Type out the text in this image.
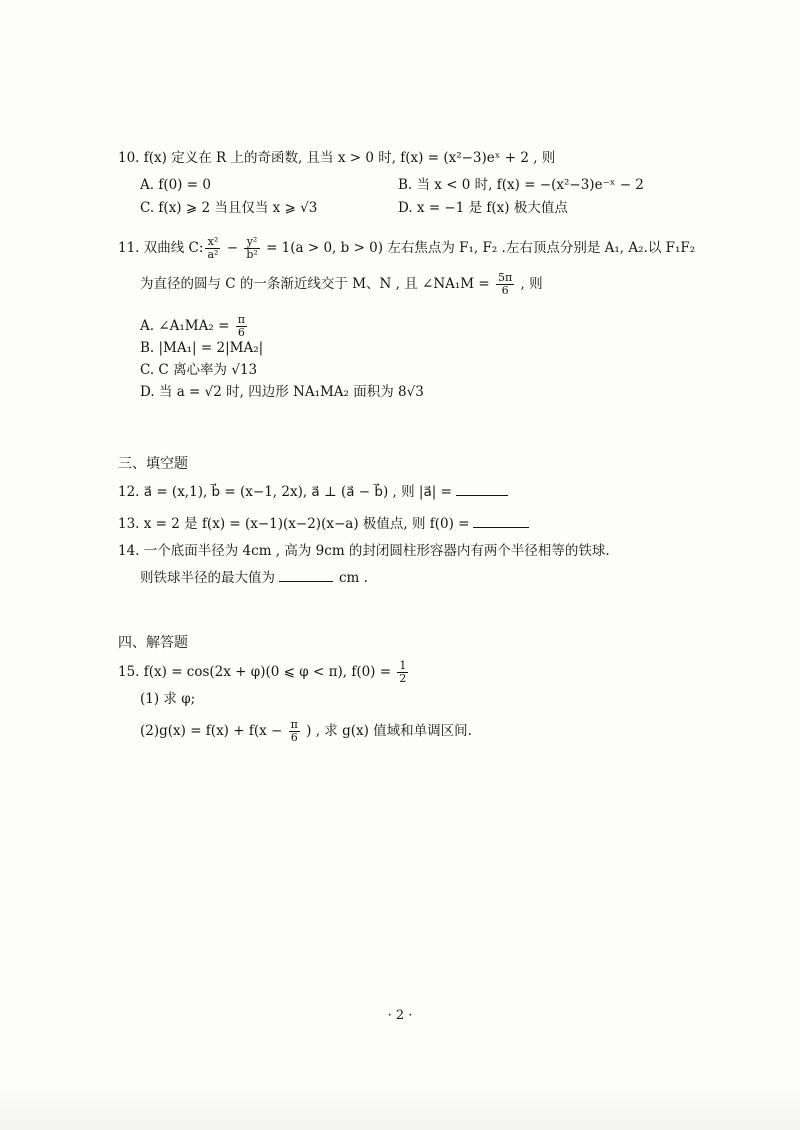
10. f(x) 定义在 R 上的奇函数, 且当 x > 0 时, f(x) = (x²−3)eˣ + 2 , 则
A. f(0) = 0	B. 当 x < 0 时, f(x) = −(x²−3)e⁻ˣ − 2
C. f(x) ⩾ 2 当且仅当 x ⩾ √3	D. x = −1 是 f(x) 极大值点
11. 双曲线 C: $\frac{\text{x²}}{\text{a²}} - \frac{\text{y²}}{\text{b²}} = 1(a > 0$, b > 0) 左右焦点为 F₁, F₂ .左右顶点分别是 A₁, A₂.以 F₁F₂
为直径的圆与 C 的一条渐近线交于 M、N , 且 ∠NA₁M = $\frac{5\pi}{6}$ , 则
A. ∠A₁MA₂ = $\frac{\pi}{6}$
B. |MA₁| = 2|MA₂|
C. C 离心率为 √13
D. 当 a = √2 时, 四边形 NA₁MA₂ 面积为 8√3
三、填空题
12. a⃗ = (x,1), b⃗ = (x−1, 2x), a⃗ ⊥ (a⃗ − b⃗) , 则 |a⃗| =
13. x = 2 是 f(x) = (x−1)(x−2)(x−a) 极值点, 则 f(0) =
14. 一个底面半径为 4cm , 高为 9cm 的封闭圆柱形容器内有两个半径相等的铁球.
则铁球半径的最大值为	cm .
四、解答题
15. f(x) = cos(2x + φ)(0 ⩽ φ < π), $f(0) = \frac{1}{2}$
(1) 求 φ;
$(2)g(x) = f(x) + f(x - \frac{\pi}{6}$ ) , 求 g(x) 值域和单调区间.
· 2 ·
